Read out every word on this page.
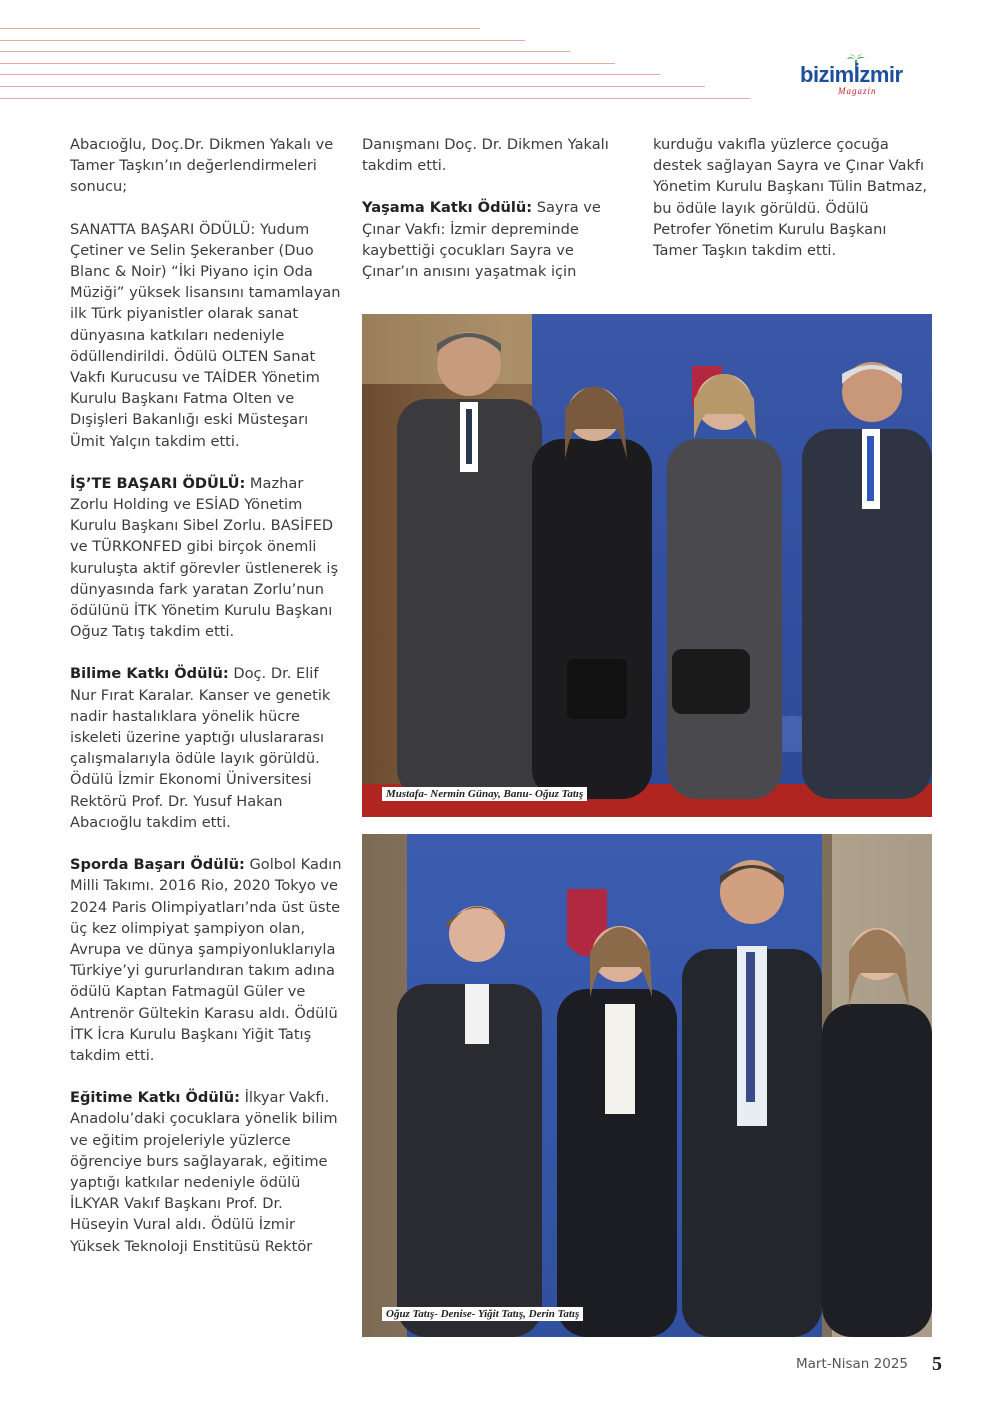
bizimİzmir
Magazin

Abacıoğlu, Doç.Dr. Dikmen Yakalı ve Tamer Taşkın’ın değerlendirmeleri sonucu;

SANATTA BAŞARI ÖDÜLÜ: Yudum Çetiner ve Selin Şekeranber (Duo Blanc & Noir) “İki Piyano için Oda Müziği” yüksek lisansını tamamlayan ilk Türk piyanistler olarak sanat dünyasına katkıları nedeniyle ödüllendirildi. Ödülü OLTEN Sanat Vakfı Kurucusu ve TAİDER Yönetim Kurulu Başkanı Fatma Olten ve Dışişleri Bakanlığı eski Müsteşarı Ümit Yalçın takdim etti.

İŞ’TE BAŞARI ÖDÜLÜ: Mazhar Zorlu Holding ve ESİAD Yönetim Kurulu Başkanı Sibel Zorlu. BASİFED ve TÜRKONFED gibi birçok önemli kuruluşta aktif görevler üstlenerek iş dünyasında fark yaratan Zorlu’nun ödülünü İTK Yönetim Kurulu Başkanı Oğuz Tatış takdim etti.

Bilime Katkı Ödülü: Doç. Dr. Elif Nur Fırat Karalar. Kanser ve genetik nadir hastalıklara yönelik hücre iskeleti üzerine yaptığı uluslararası çalışmalarıyla ödüle layık görüldü. Ödülü İzmir Ekonomi Üniversitesi Rektörü Prof. Dr. Yusuf Hakan Abacıoğlu takdim etti.

Sporda Başarı Ödülü: Golbol Kadın Milli Takımı. 2016 Rio, 2020 Tokyo ve 2024 Paris Olimpiyatları’nda üst üste üç kez olimpiyat şampiyon olan, Avrupa ve dünya şampiyonluklarıyla Türkiye’yi gururlandıran takım adına ödülü Kaptan Fatmagül Güler ve Antrenör Gültekin Karasu aldı. Ödülü İTK İcra Kurulu Başkanı Yiğit Tatış takdim etti.

Eğitime Katkı Ödülü: İlkyar Vakfı. Anadolu’daki çocuklara yönelik bilim ve eğitim projeleriyle yüzlerce öğrenciye burs sağlayarak, eğitime yaptığı katkılar nedeniyle ödülü İLKYAR Vakıf Başkanı Prof. Dr. Hüseyin Vural aldı. Ödülü İzmir Yüksek Teknoloji Enstitüsü Rektör

Danışmanı Doç. Dr. Dikmen Yakalı takdim etti.

Yaşama Katkı Ödülü: Sayra ve Çınar Vakfı: İzmir depreminde kaybettiği çocukları Sayra ve Çınar’ın anısını yaşatmak için

kurduğu vakıfla yüzlerce çocuğa destek sağlayan Sayra ve Çınar Vakfı Yönetim Kurulu Başkanı Tülin Batmaz, bu ödüle layık görüldü. Ödülü Petrofer Yönetim Kurulu Başkanı Tamer Taşkın takdim etti.

Mustafa- Nermin Günay, Banu- Oğuz Tatış
Oğuz Tatış- Denise- Yiğit Tatış, Derin Tatış
Mart-Nisan 2025 5
